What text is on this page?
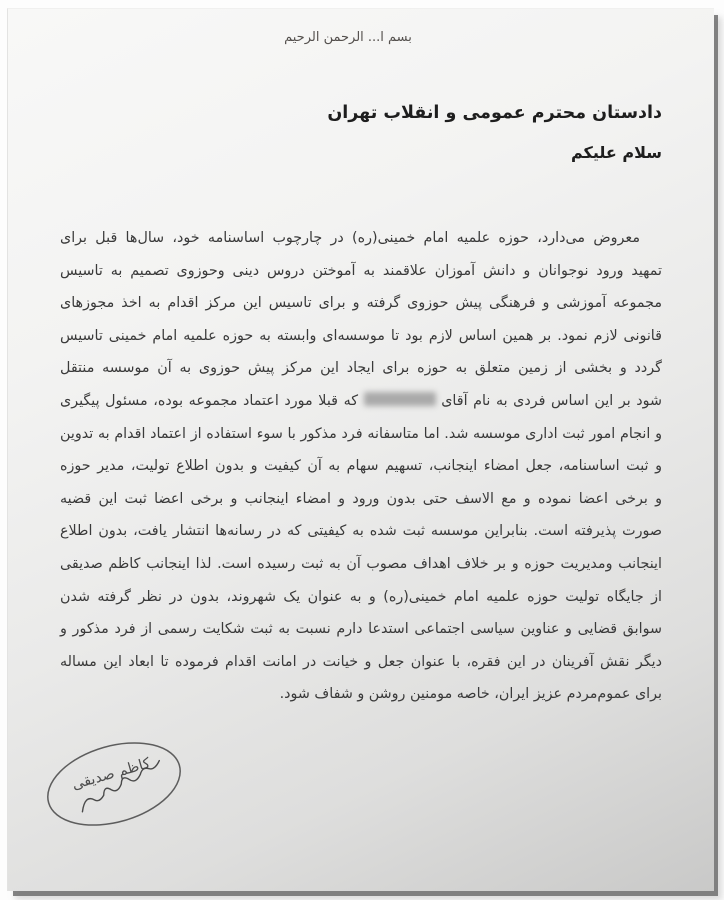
بسم ا... الرحمن الرحیم
دادستان محترم عمومی و انقلاب تهران
سلام علیکم
معروض می‌دارد، حوزه علمیه امام خمینی(ره) در چارچوب اساسنامه خود، سال‌ها قبل برای
تمهید ورود نوجوانان و دانش آموزان علاقمند به آموختن دروس دینی وحوزوی تصمیم به تاسیس
مجموعه آموزشی و فرهنگی پیش حوزوی گرفته و برای تاسیس این مرکز اقدام به اخذ مجوزهای
قانونی لازم نمود. بر همین اساس لازم بود تا موسسه‌ای وابسته به حوزه علمیه امام خمینی تاسیس
گردد و بخشی از زمین متعلق به حوزه برای ایجاد این مرکز پیش حوزوی به آن موسسه منتقل
شود بر این اساس فردی به نام آقای  که قبلا مورد اعتماد مجموعه بوده، مسئول پیگیری
و انجام امور ثبت اداری موسسه شد. اما متاسفانه فرد مذکور با سوء استفاده از اعتماد اقدام به تدوین
و ثبت اساسنامه، جعل امضاء اینجانب، تسهیم سهام به آن کیفیت و بدون اطلاع تولیت، مدیر حوزه
و برخی اعضا نموده و مع الاسف حتی بدون ورود و امضاء اینجانب و برخی اعضا ثبت این قضیه
صورت پذیرفته است. بنابراین موسسه ثبت شده به کیفیتی که در رسانه‌ها انتشار یافت، بدون اطلاع
اینجانب ومدیریت حوزه و بر خلاف اهداف مصوب آن به ثبت رسیده است. لذا اینجانب کاظم صدیقی
از جایگاه تولیت حوزه علمیه امام خمینی(ره) و به عنوان یک شهروند، بدون در نظر گرفته شدن
سوابق قضایی و عناوین سیاسی اجتماعی استدعا دارم نسبت به ثبت شکایت رسمی از فرد مذکور و
دیگر نقش آفرینان در این فقره، با عنوان جعل و خیانت در امانت اقدام فرموده تا ابعاد این مساله
برای عموم‌مردم عزیز ایران، خاصه مومنین روشن و شفاف شود.
کاظم صدیقی
